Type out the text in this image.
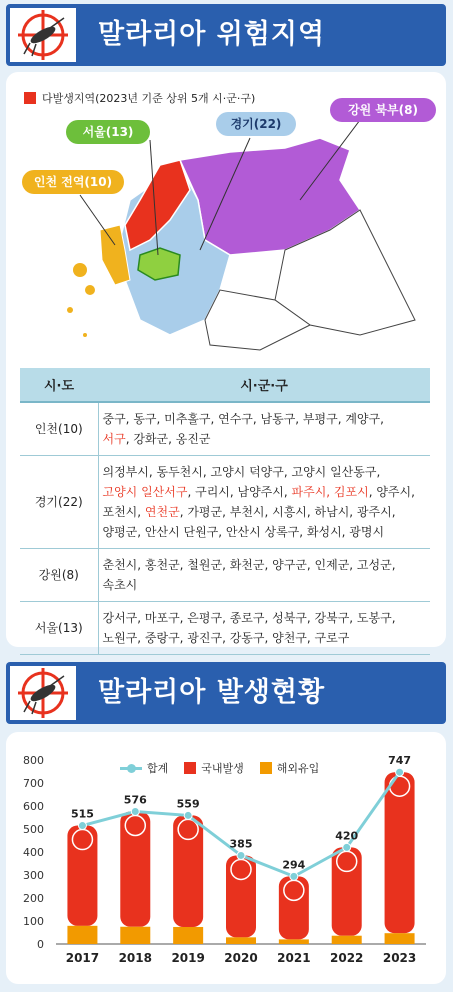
말라리아 위험지역
다발생지역(2023년 기준 상위 5개 시·군·구)
서울(13)
경기(22)
강원 북부(8)
인천 전역(10)
시·도	시·군·구
인천(10)	중구, 동구, 미추홀구, 연수구, 남동구, 부평구, 계양구,
서구, 강화군, 옹진군

경기(22)	의정부시, 동두천시, 고양시 덕양구, 고양시 일산동구,
고양시 일산서구, 구리시, 남양주시, 파주시, 김포시, 양주시,
포천시, 연천군, 가평군, 부천시, 시흥시, 하남시, 광주시,
양평군, 안산시 단원구, 안산시 상록구, 화성시, 광명시

강원(8)	춘천시, 홍천군, 철원군, 화천군, 양구군, 인제군, 고성군,
속초시

서울(13)	강서구, 마포구, 은평구, 종로구, 성북구, 강북구, 도봉구,
노원구, 중랑구, 광진구, 강동구, 양천구, 구로구
말라리아 발생현황
합계	국내발생	해외유입
0
100
200
300
400
500
600
700
800
2017 2018 2019 2020 2021 2022 2023
515
576	559
385
294
420
747
